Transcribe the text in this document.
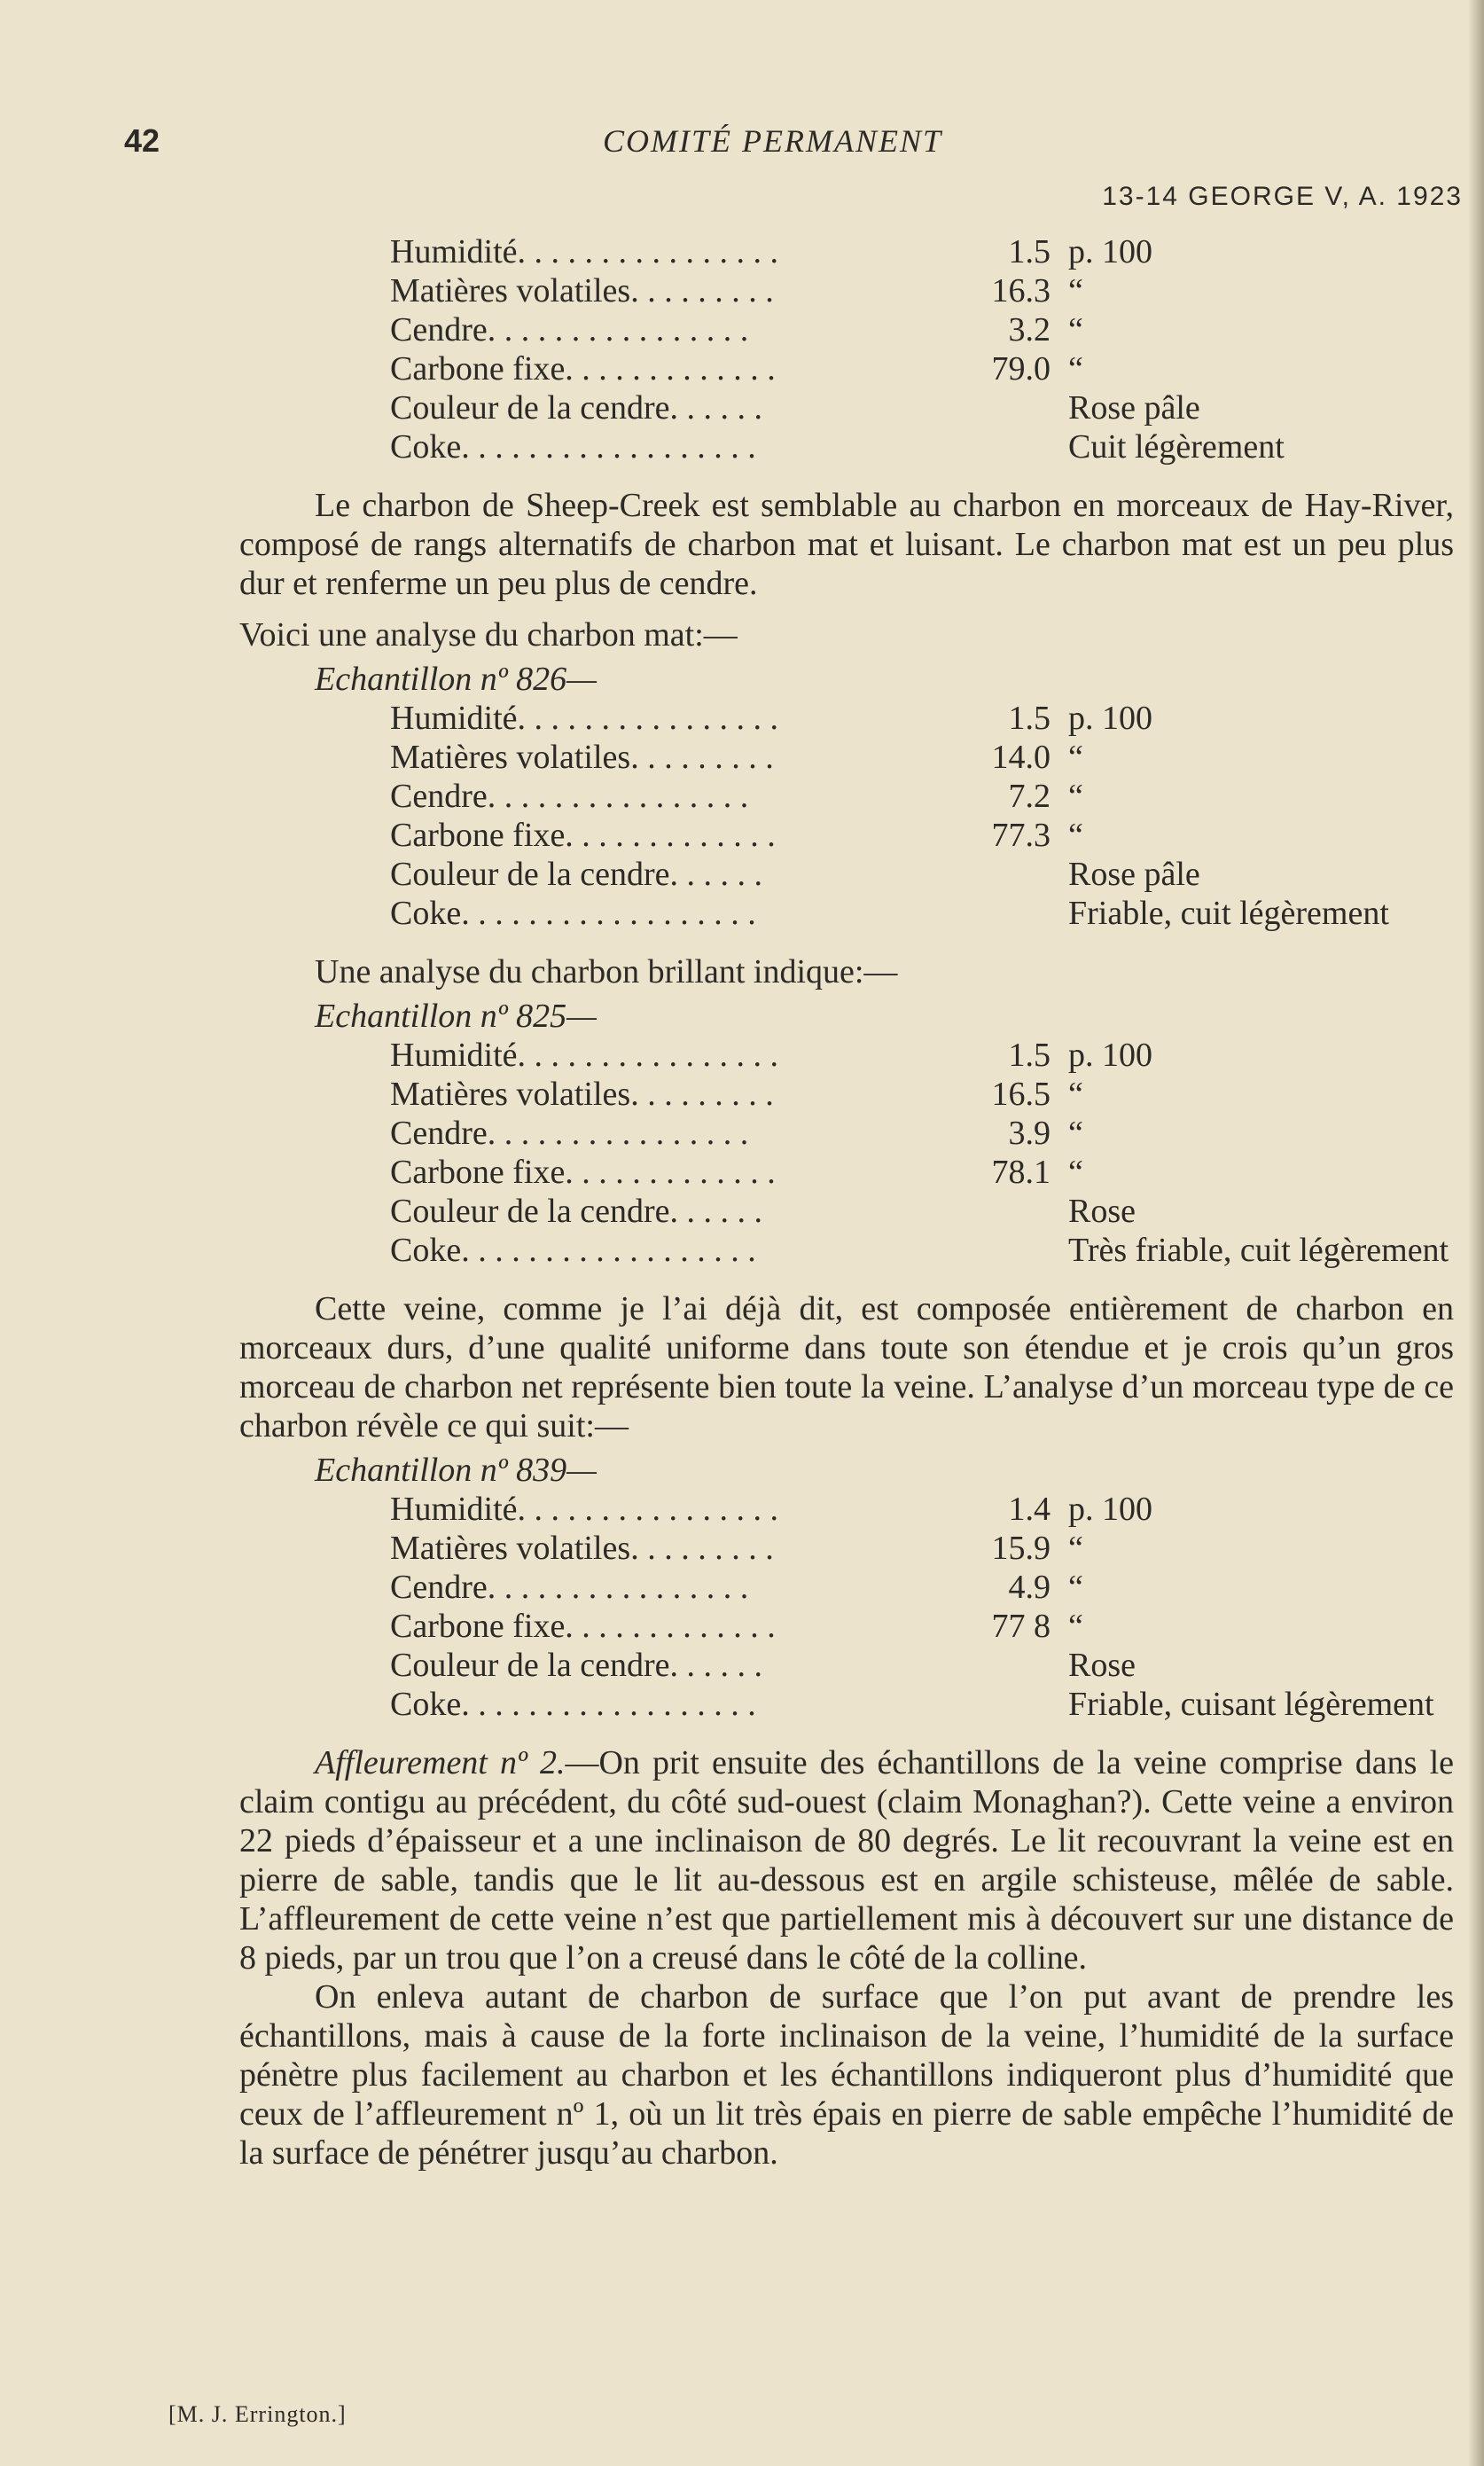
42	COMITÉ PERMANENT
13-14 GEORGE V, A. 1923
Humidité. . . . . . . . . . . . . . . .	1.5 p. 100
Matières volatiles. . . . . . . . .	16.3 “
Cendre. . . . . . . . . . . . . . . .	3.2 “
Carbone fixe. . . . . . . . . . . . .	79.0 “
Couleur de la cendre. . . . . .	Rose pâle
Coke. . . . . . . . . . . . . . . . . .	Cuit légèrement

Le charbon de Sheep-Creek est semblable au charbon en morceaux de Hay-River, composé de rangs alternatifs de charbon mat et luisant. Le charbon mat est un peu plus dur et renferme un peu plus de cendre.

Voici une analyse du charbon mat:—

Echantillon nº 826—
Humidité. . . . . . . . . . . . . . . .	1.5 p. 100
Matières volatiles. . . . . . . . .	14.0 “
Cendre. . . . . . . . . . . . . . . .	7.2 “
Carbone fixe. . . . . . . . . . . . .	77.3 “
Couleur de la cendre. . . . . .	Rose pâle
Coke. . . . . . . . . . . . . . . . . .	Friable, cuit légèrement

Une analyse du charbon brillant indique:—

Echantillon nº 825—
Humidité. . . . . . . . . . . . . . . .	1.5 p. 100
Matières volatiles. . . . . . . . .	16.5 “
Cendre. . . . . . . . . . . . . . . .	3.9 “
Carbone fixe. . . . . . . . . . . . .	78.1 “
Couleur de la cendre. . . . . .	Rose
Coke. . . . . . . . . . . . . . . . . .	Très friable, cuit légèrement

Cette veine, comme je l’ai déjà dit, est composée entièrement de charbon en morceaux durs, d’une qualité uniforme dans toute son étendue et je crois qu’un gros morceau de charbon net représente bien toute la veine. L’analyse d’un morceau type de ce charbon révèle ce qui suit:—

Echantillon nº 839—
Humidité. . . . . . . . . . . . . . . .	1.4 p. 100
Matières volatiles. . . . . . . . .	15.9 “
Cendre. . . . . . . . . . . . . . . .	4.9 “
Carbone fixe. . . . . . . . . . . . .	77 8 “
Couleur de la cendre. . . . . .	Rose
Coke. . . . . . . . . . . . . . . . . .	Friable, cuisant légèrement

Affleurement nº 2.—On prit ensuite des échantillons de la veine comprise dans le claim contigu au précédent, du côté sud-ouest (claim Monaghan?). Cette veine a environ 22 pieds d’épaisseur et a une inclinaison de 80 degrés. Le lit recouvrant la veine est en pierre de sable, tandis que le lit au-dessous est en argile schisteuse, mêlée de sable. L’affleurement de cette veine n’est que partiellement mis à découvert sur une distance de 8 pieds, par un trou que l’on a creusé dans le côté de la colline.

On enleva autant de charbon de surface que l’on put avant de prendre les échantillons, mais à cause de la forte inclinaison de la veine, l’humidité de la surface pénètre plus facilement au charbon et les échantillons indiqueront plus d’humidité que ceux de l’affleurement nº 1, où un lit très épais en pierre de sable empêche l’humidité de la surface de pénétrer jusqu’au charbon.

[M. J. Errington.]
